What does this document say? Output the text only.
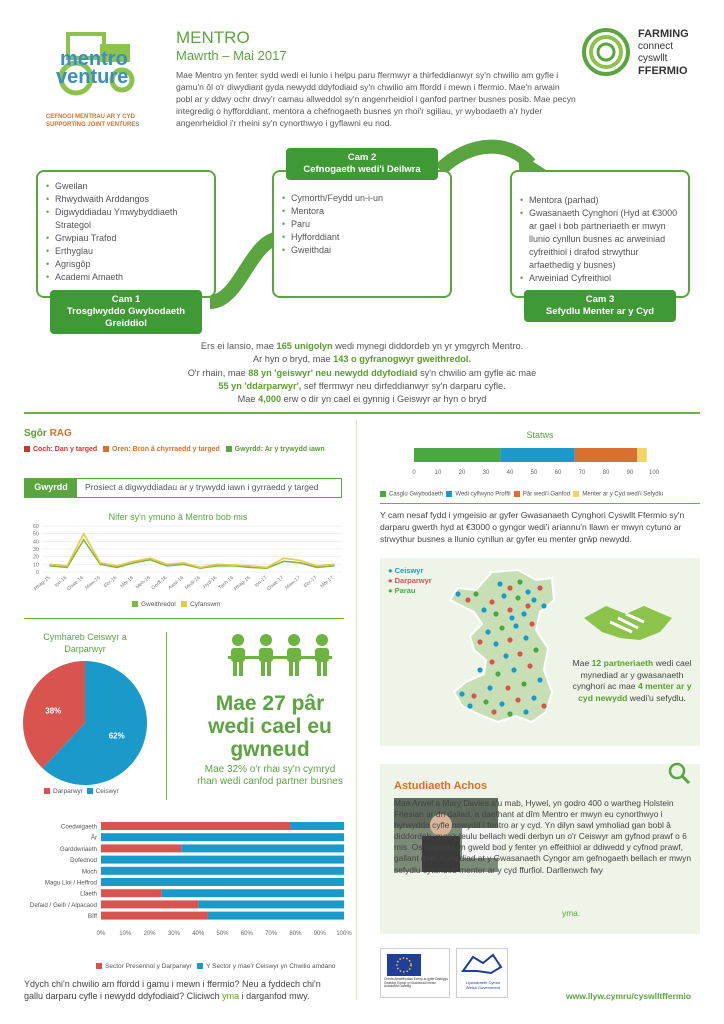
mentro
venture
CEFNOGI MENTRAU AR Y CYD
SUPPORTING JOINT VENTURES
MENTRO
Mawrth – Mai 2017
Mae Mentro yn fenter sydd wedi ei lunio i helpu paru ffermwyr a thirfeddianwyr sy'n chwilio am gyfle i gamu'n ôl o'r diwydiant gyda newydd ddyfodiaid sy'n chwilio am ffordd i mewn i ffermio. Mae'n arwain pobl ar y ddwy ochr drwy'r camau allweddol sy'n angenrheidiol i ganfod partner busnes posib. Mae pecyn integredig o hyfforddiant, mentora a chefnogaeth busnes yn rhoi'r sgiliau, yr wybodaeth a'r hyder angenrheidiol i'r rheini sy'n cynorthwyo i gyflawni eu nod.
FARMING
connect
cyswllt
FFERMIO
• Gweilan
• Rhwydwaith Arddangos
• Digwyddiadau Ymwybyddiaeth Strategol
• Grwpiau Trafod
• Erthyglau
• Agrisgôp
• Academi Amaeth
Cam 1
Trosglwyddo Gwybodaeth Greiddiol
• Cymorth/Feydd un-i-un
• Mentora
• Paru
• Hyfforddiant
• Gweithdai
Cam 2
Cefnogaeth wedi'i Deilwra
• Mentora (parhad)
• Gwasanaeth Cynghori (Hyd at €3000 ar gael i bob partneriaeth er mwyn llunio cynllun busnes ac arweiniad cyfreithiol i drafod strwythur arfaethedig y busnes)
• Arweiniad Cyfreithiol
Cam 3
Sefydlu Menter ar y Cyd
Ers ei lansio, mae 165 unigolyn wedi mynegi diddordeb yn yr ymgyrch Mentro.
Ar hyn o bryd, mae 143 o gyfranogwyr gweithredol.
O'r rhain, mae 88 yn 'geiswyr' neu newydd ddyfodiaid sy'n chwilio am gyfle ac mae
55 yn 'ddarparwyr', sef ffermwyr neu dirfeddianwyr sy'n darparu cyfle.
Mae 4,000 erw o dir yn cael ei gynnig i Geiswyr ar hyn o bryd
Sgôr RAG
Coch: Dan y targed Oren: Bron â chyrraedd y targed Gwyrdd: Ar y trywydd iawn
Gwyrdd	Prosiect a digwyddiadau ar y trywydd iawn i gyrraedd y targed
Nifer sy'n ymuno â Mentro bob mis
60
50
40
30
20
10
0
Rhag-15 Ion-16
Chwe-16 Maw-16 Ebr-16 Mai-16 Meh-16
Gorff-16 Awst-16
Medi-16 Hyd-16 Tach-16
Rhag-16 Ion-17
Chwe-17 Maw-17 Ebr-17 Mai-17
Gweithredol Cyfanswm
Cymhareb Ceiswyr a Darparwyr
38%
62%
Darparwyr Ceiswyr
Mae 27 pâr wedi cael eu gwneud
Mae 32% o'r rhai sy'n cymryd rhan wedi canfod partner busnes
Coedwigaeth
Âr
Garddwriaeth
Dofednod
Moch
Magu Lloi / Heffrod
Llaeth
Defaid / Geifr / Alpacaod
Bîff
0% 10% 20% 30% 40% 50% 60% 70% 80% 90% 100%
Sector Presennol y Darparwyr Y Sector y mae'r Ceiswyr yn Chwilio amdano
Ydych chi'n chwilio am ffordd i gamu i mewn i ffermio? Neu a fyddech chi'n
gallu darparu cyfle i newydd ddyfodiaid? Cliciwch yma i darganfod mwy.
Statws
0	10	20	30	40	50	60	70	80	90	100
Casglu Gwybodaeth Wedi cyflwyno Proffil Pâr wedi'i Ganfod Menter ar y Cyd wedi'i Sefydlu
Y cam nesaf fydd i ymgeisio ar gyfer Gwasanaeth Cynghori Cyswllt Ffermio sy'n darparu gwerth hyd at €3000 o gyngor wedi'i ariannu'n llawn er mwyn cytuno ar strwythur busnes a llunio cynllun ar gyfer eu menter grŵp newydd.
● Ceiswyr
● Darparwyr
● Parau
Mae 12 partneriaeth wedi cael mynediad ar y gwasanaeth cynghori ac mae 4 menter ar y cyd newydd wedi'u sefydlu.
Astudiaeth Achos
Mae Arwel a Mary Davies a'u mab, Hywel, yn godro 400 o wartheg Holstein Friesian ar dri daliad, a daethant at dîm Mentro er mwyn eu cynorthwyo i hyrwyddo cyfle newydd i fentro ar y cyd. Yn dilyn sawl ymholiad gan bobl â diddordeb, mae'r teulu bellach wedi derbyn un o'r Ceiswyr am gyfnod prawf o 6 mis. Os byddant yn gweld bod y fenter yn effeithiol ar ddiwedd y cyfnod prawf, gallant gael mynediad at y Gwasanaeth Cyngor am gefnogaeth bellach er mwyn sefydlu cytundeb menter ar y cyd ffurfiol. Darllenwch fwy
yma.
Cronfa Amaethyddol Ewrop ar gyfer Datblygu Gwledig: Ewrop yn Buddsoddi mewn Ardaloedd Gwledig
Llywodraeth Cymru Welsh Government
www.llyw.cymru/cyswlltffermio
